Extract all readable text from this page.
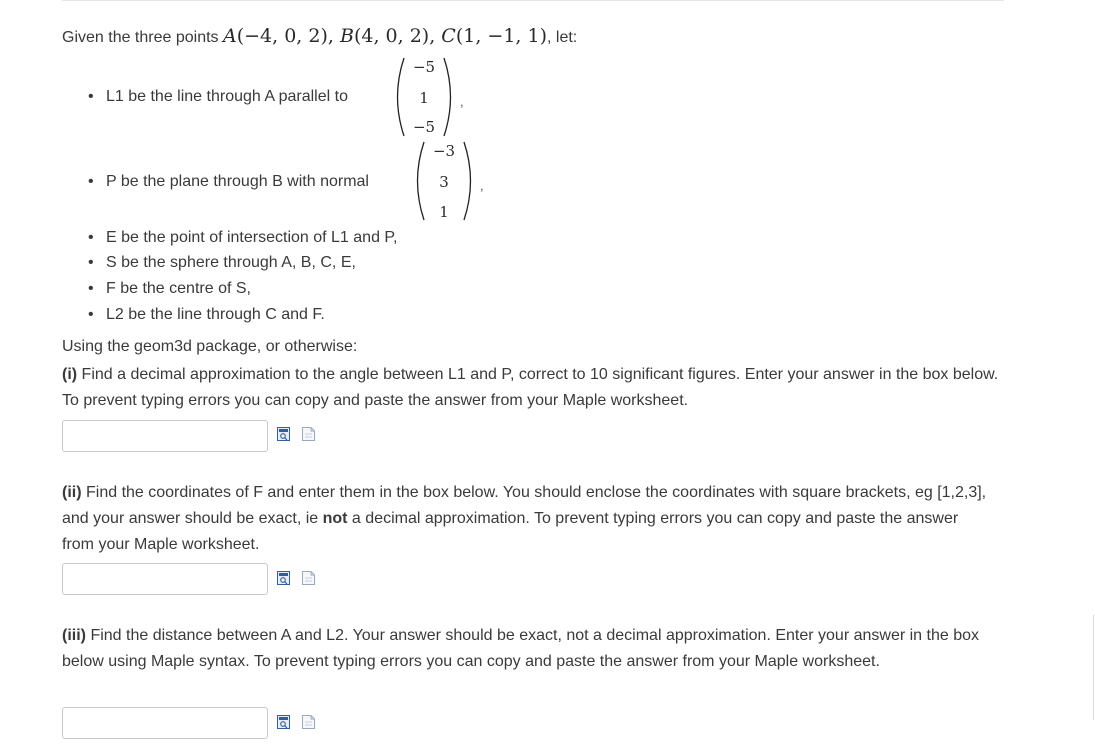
Given the three points A(−4, 0, 2), B(4, 0, 2), C(1, −1, 1), let:
• L1 be the line through A parallel to
−5
1
−5
,
• P be the plane through B with normal
−3
3
1
,
• E be the point of intersection of L1 and P,
• S be the sphere through A, B, C, E,
• F be the centre of S,
• L2 be the line through C and F.
Using the geom3d package, or otherwise:
(i) Find a decimal approximation to the angle between L1 and P, correct to 10 significant figures. Enter your answer in the box below. To prevent typing errors you can copy and paste the answer from your Maple worksheet.
(ii) Find the coordinates of F and enter them in the box below. You should enclose the coordinates with square brackets, eg [1,2,3], and your answer should be exact, ie not a decimal approximation. To prevent typing errors you can copy and paste the answer from your Maple worksheet.
(iii) Find the distance between A and L2. Your answer should be exact, not a decimal approximation. Enter your answer in the box below using Maple syntax. To prevent typing errors you can copy and paste the answer from your Maple worksheet.
